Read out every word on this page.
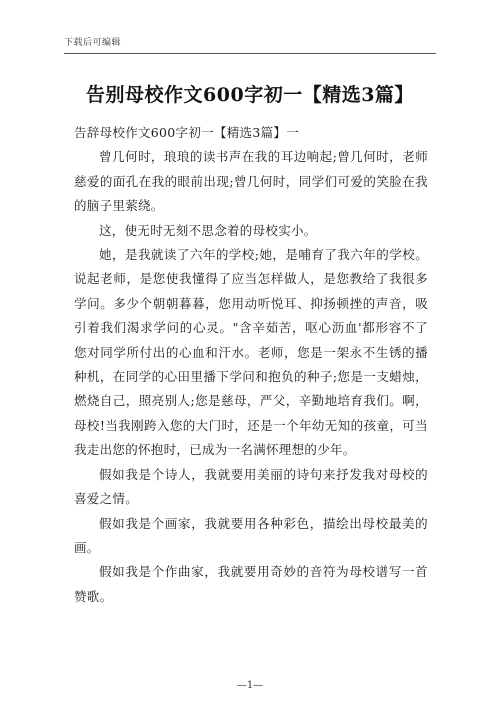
下载后可编辑
告别母校作文600字初一【精选3篇】

告辞母校作文600字初一【精选3篇】一

曾几何时，琅琅的读书声在我的耳边响起;曾几何时，老师慈爱的面孔在我的眼前出现;曾几何时，同学们可爱的笑脸在我的脑子里萦绕。

这，使无时无刻不思念着的母校实小。

她，是我就读了六年的学校;她，是哺育了我六年的学校。说起老师，是您使我懂得了应当怎样做人，是您教给了我很多学问。多少个朝朝暮暮，您用动听悦耳、抑扬顿挫的声音，吸引着我们渴求学问的心灵。"含辛茹苦，呕心沥血'都形容不了您对同学所付出的心血和汗水。老师，您是一架永不生锈的播种机，在同学的心田里播下学问和抱负的种子;您是一支蜡烛，燃烧自己，照亮别人;您是慈母，严父，辛勤地培育我们。啊，母校!当我刚跨入您的大门时，还是一个年幼无知的孩童，可当我走出您的怀抱时，已成为一名满怀理想的少年。

假如我是个诗人，我就要用美丽的诗句来抒发我对母校的喜爱之情。

假如我是个画家，我就要用各种彩色，描绘出母校最美的画。

假如我是个作曲家，我就要用奇妙的音符为母校谱写一首赞歌。

—1—
